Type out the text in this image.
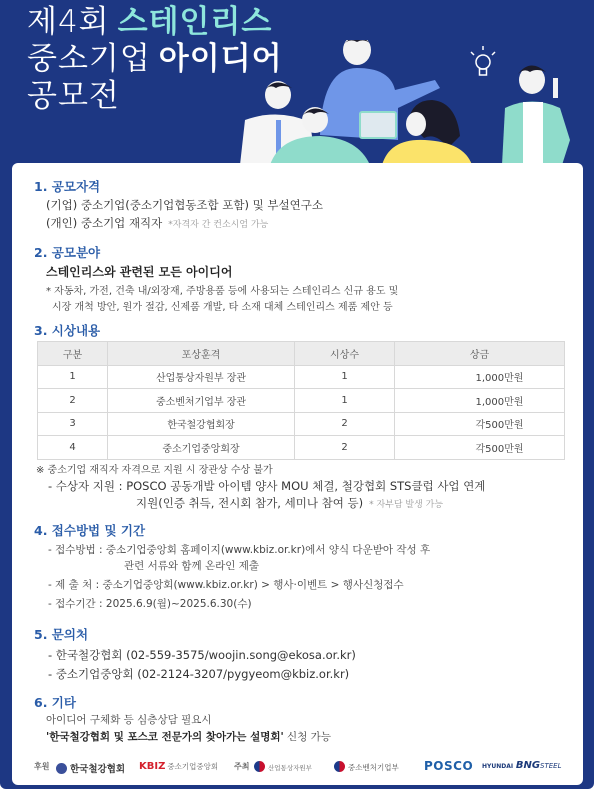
제4회 스테인리스
중소기업 아이디어
공모전
1. 공모자격
(기업) 중소기업(중소기업협동조합 포함) 및 부설연구소
(개인) 중소기업 재직자 *자격자 간 컨소시엄 가능
2. 공모분야
스테인리스와 관련된 모든 아이디어
* 자동차, 가전, 건축 내/외장재, 주방용품 등에 사용되는 스테인리스 신규 용도 및
시장 개척 방안, 원가 절감, 신제품 개발, 타 소재 대체 스테인리스 제품 제안 등
3. 시상내용
구분	포상훈격	시상수	상금
1	산업통상자원부 장관	1	1,000만원
2	중소벤처기업부 장관	1	1,000만원
3	한국철강협회장	2	각500만원
4	중소기업중앙회장	2	각500만원
※ 중소기업 재직자 자격으로 지원 시 장관상 수상 불가
- 수상자 지원 : POSCO 공동개발 아이템 양사 MOU 체결, 철강협회 STS클럽 사업 연계
지원(인증 취득, 전시회 참가, 세미나 참여 등) * 자부담 발생 가능
4. 접수방법 및 기간
- 접수방법 : 중소기업중앙회 홈페이지(www.kbiz.or.kr)에서 양식 다운받아 작성 후
관련 서류와 함께 온라인 제출
- 제 출 처 : 중소기업중앙회(www.kbiz.or.kr) > 행사·이벤트 > 행사신청접수
- 접수기간 : 2025.6.9(월)~2025.6.30(수)
5. 문의처
- 한국철강협회 (02-559-3575/woojin.song@ekosa.or.kr)
- 중소기업중앙회 (02-2124-3207/pygyeom@kbiz.or.kr)
6. 기타
아이디어 구체화 등 심층상담 필요시
'한국철강협회 및 포스코 전문가의 찾아가는 설명회' 신청 가능
후원	한국철강협회 KBIZ 중소기업중앙회 주최	산업통상자원부	중소벤처기업부 POSCO HYUNDAI BNGSTEEL
